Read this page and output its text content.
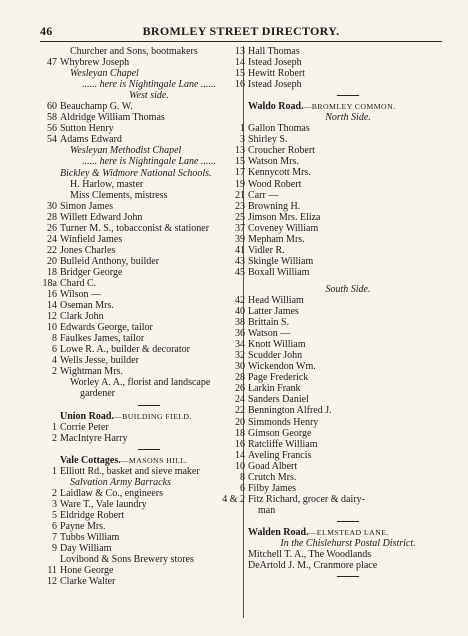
46	BROMLEY STREET DIRECTORY.
Churcher and Sons, bootmakers
47 Whybrew Joseph
Wesleyan Chapel
...... here is Nightingale Lane ......
West side.
60 Beauchamp G. W.
58 Aldridge William Thomas
56 Sutton Henry
54 Adams Edward
Wesleyan Methodist Chapel
...... here is Nightingale Lane ......
Bickley & Widmore National Schools.
H. Harlow, master
Miss Clements, mistress
30 Simon James
28 Willett Edward John
26 Turner M. S., tobacconist & stationer
24 Winfield James
22 Jones Charles
20 Bulleid Anthony, builder
18 Bridger George
18a Chard C.
16 Wilson —
14 Oseman Mrs.
12 Clark John
10 Edwards George, tailor
8 Faulkes James, tailor
6 Lowe R. A., builder & decorator
4 Wells Jesse, builder
2 Wightman Mrs.
Worley A. A., florist and landscape
gardener
Union Road.—BUILDING FIELD.
1 Corrie Peter
2 MacIntyre Harry
Vale Cottages.—MASONS HILL.
1 Elliott Rd., basket and sieve maker
Salvation Army Barracks
2 Laidlaw & Co., engineers
3 Ware T., Vale laundry
5 Eldridge Robert
6 Payne Mrs.
7 Tubbs William
9 Day William
Lovibond & Sons Brewery stores
11 Hone George
12 Clarke Walter
13 Hall Thomas
14 Istead Joseph
15 Hewitt Robert
16 Istead Joseph
Waldo Road.—BROMLEY COMMON.
North Side.
1 Gallon Thomas
3 Shirley S.
13 Croucher Robert
15 Watson Mrs.
17 Kennycott Mrs.
19 Wood Robert
21 Carr —
23 Browning H.
25 Jimson Mrs. Eliza
37 Coveney William
39 Mepham Mrs.
41 Vidler R.
43 Skingle William
45 Boxall William
South Side.
42 Head William
40 Latter James
38 Brittain S.
36 Watson —
34 Knott William
32 Scudder John
30 Wickendon Wm.
28 Page Frederick
26 Larkin Frank
24 Sanders Daniel
22 Bennington Alfred J.
20 Simmonds Henry
18 Gimson George
16 Ratcliffe William
14 Aveling Francis
10 Goad Albert
8 Crutch Mrs.
6 Filby James
4 & 2 Fitz Richard, grocer & dairy-
man
Walden Road.—ELMSTEAD LANE.
In the Chislehurst Postal District.
Mitchell T. A., The Woodlands
DeArtold J. M., Cranmore place
